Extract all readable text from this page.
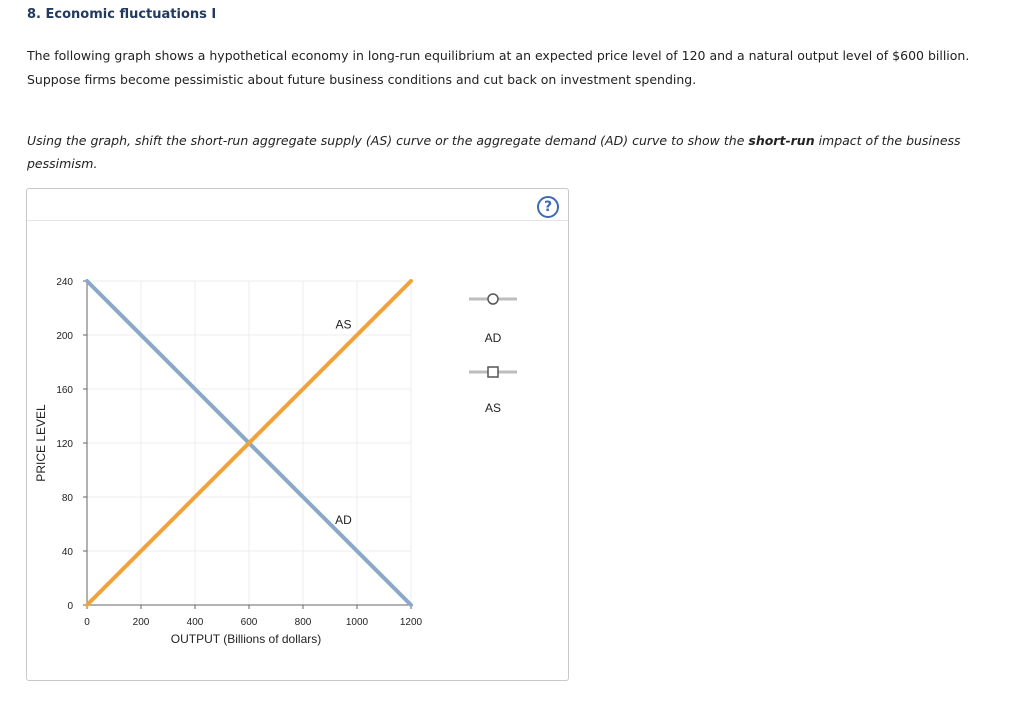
8. Economic fluctuations I
The following graph shows a hypothetical economy in long-run equilibrium at an expected price level of 120 and a natural output level of $600 billion.
Suppose firms become pessimistic about future business conditions and cut back on investment spending.
Using the graph, shift the short-run aggregate supply (AS) curve or the aggregate demand (AD) curve to show the short-run impact of the business
pessimism.
?
0
40
80
120
160
200
240
0	200	400	600	800	1000	1200
OUTPUT (Billions of dollars)
PRICE LEVEL
AD
AS
AD
AS
